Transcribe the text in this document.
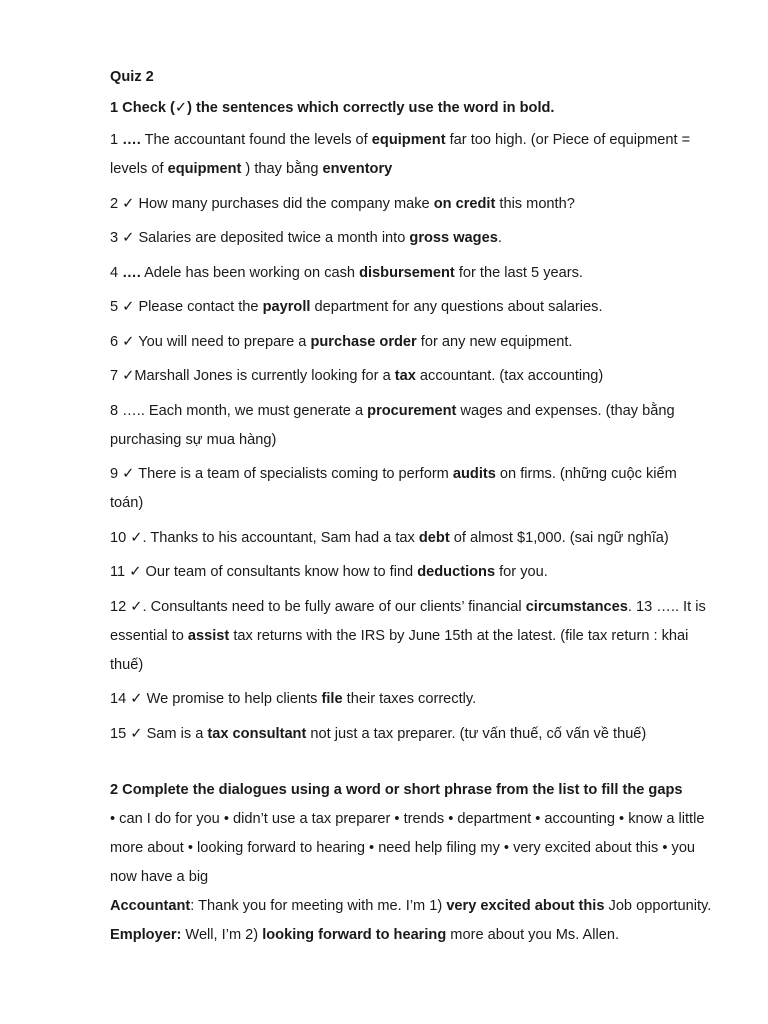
Quiz 2
1 Check (✓) the sentences which correctly use the word in bold.
1 …. The accountant found the levels of equipment far too high. (or Piece of equipment = levels of equipment ) thay bằng enventory
2 ✓ How many purchases did the company make on credit this month?
3 ✓ Salaries are deposited twice a month into gross wages.
4 …. Adele has been working on cash disbursement for the last 5 years.
5 ✓ Please contact the payroll department for any questions about salaries.
6 ✓ You will need to prepare a purchase order for any new equipment.
7 ✓Marshall Jones is currently looking for a tax accountant. (tax accounting)
8 ….. Each month, we must generate a procurement wages and expenses. (thay bằng purchasing sự mua hàng)
9 ✓ There is a team of specialists coming to perform audits on firms. (những cuộc kiểm toán)
10 ✓. Thanks to his accountant, Sam had a tax debt of almost $1,000. (sai ngữ nghĩa)
11 ✓ Our team of consultants know how to find deductions for you.
12 ✓. Consultants need to be fully aware of our clients’ financial circumstances. 13 ….. It is essential to assist tax returns with the IRS by June 15th at the latest. (file tax return : khai thuế)
14 ✓ We promise to help clients file their taxes correctly.
15 ✓ Sam is a tax consultant not just a tax preparer. (tư vấn thuế, cố vấn về thuế)
2 Complete the dialogues using a word or short phrase from the list to fill the gaps
• can I do for you • didn’t use a tax preparer • trends • department • accounting • know a little more about • looking forward to hearing • need help filing my • very excited about this • you now have a big
Accountant: Thank you for meeting with me. I’m 1) very excited about this Job opportunity.
Employer: Well, I’m 2) looking forward to hearing more about you Ms. Allen.
